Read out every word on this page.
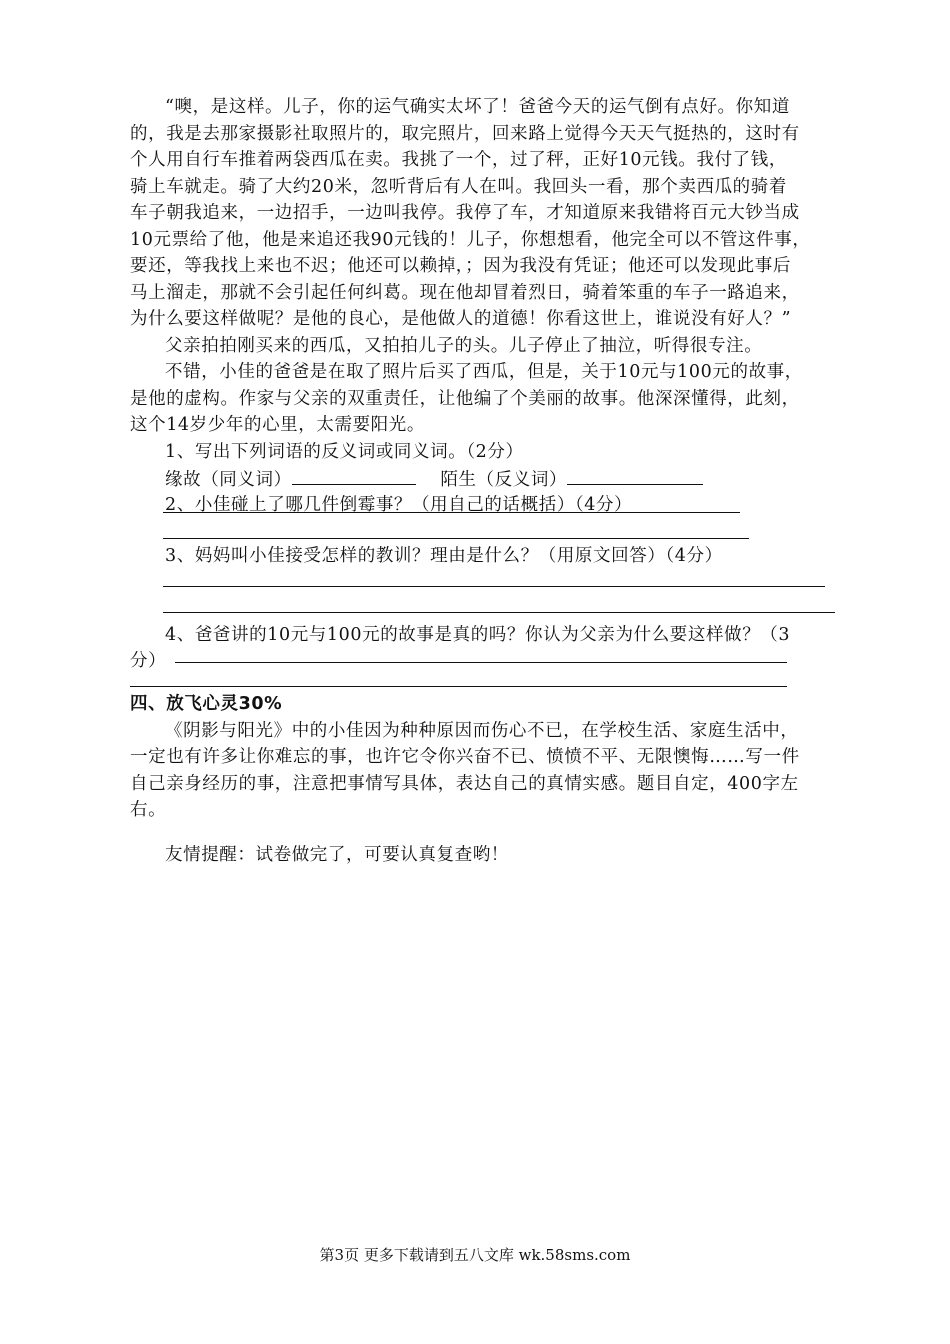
“噢，是这样。儿子，你的运气确实太坏了！爸爸今天的运气倒有点好。你知道
的，我是去那家摄影社取照片的，取完照片，回来路上觉得今天天气挺热的，这时有
个人用自行车推着两袋西瓜在卖。我挑了一个，过了秤，正好10元钱。我付了钱，
骑上车就走。骑了大约20米，忽听背后有人在叫。我回头一看，那个卖西瓜的骑着
车子朝我追来，一边招手，一边叫我停。我停了车，才知道原来我错将百元大钞当成
10元票给了他，他是来追还我90元钱的！儿子，你想想看，他完全可以不管这件事，
要还，等我找上来也不迟；他还可以赖掉，；因为我没有凭证；他还可以发现此事后
马上溜走，那就不会引起任何纠葛。现在他却冒着烈日，骑着笨重的车子一路追来，
为什么要这样做呢？是他的良心，是他做人的道德！你看这世上，谁说没有好人？”
父亲拍拍刚买来的西瓜，又拍拍儿子的头。儿子停止了抽泣，听得很专注。
不错，小佳的爸爸是在取了照片后买了西瓜，但是，关于10元与100元的故事，
是他的虚构。作家与父亲的双重责任，让他编了个美丽的故事。他深深懂得，此刻，
这个14岁少年的心里，太需要阳光。
1、写出下列词语的反义词或同义词。（2分）
缘故（同义词）	陌生（反义词）
2、小佳碰上了哪几件倒霉事？（用自己的话概括）（4分）
3、妈妈叫小佳接受怎样的教训？理由是什么？（用原文回答）（4分）
4、爸爸讲的10元与100元的故事是真的吗？你认为父亲为什么要这样做？（3
分）
四、放飞心灵30%
《阴影与阳光》中的小佳因为种种原因而伤心不已，在学校生活、家庭生活中，
一定也有许多让你难忘的事，也许它令你兴奋不已、愤愤不平、无限懊悔……写一件
自己亲身经历的事，注意把事情写具体，表达自己的真情实感。题目自定，400字左
右。
友情提醒：试卷做完了，可要认真复查哟！
第3页 更多下载请到五八文库 wk.58sms.com
